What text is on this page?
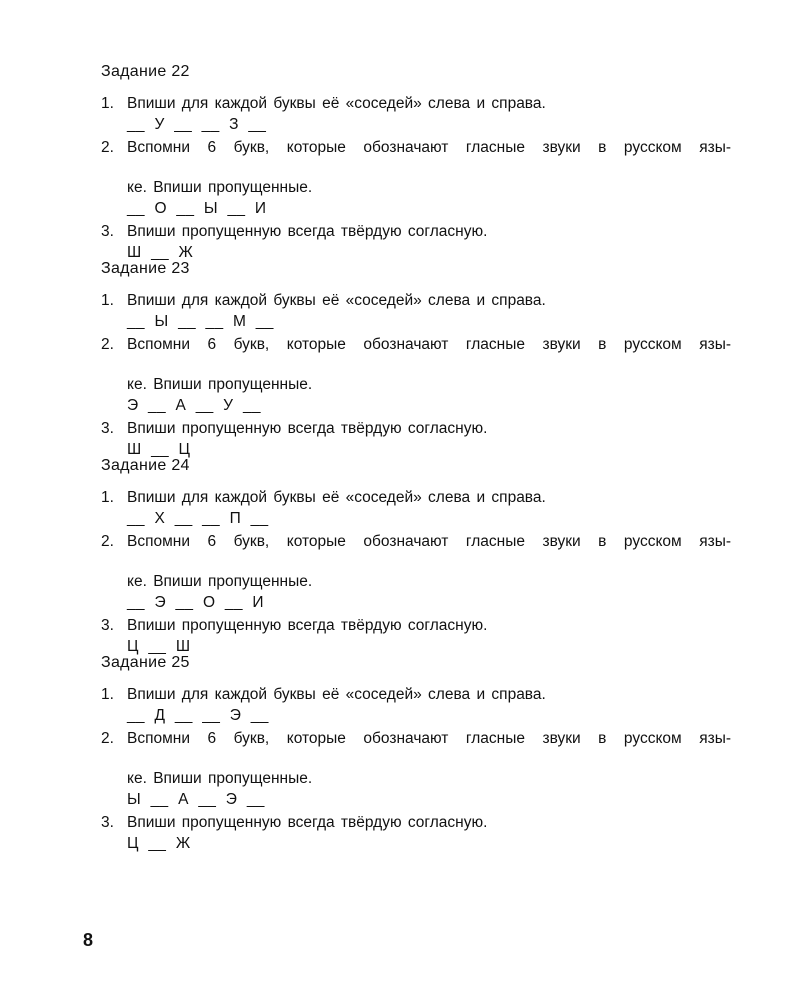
Задание 22
1. Впиши для каждой буквы её «соседей» слева и справа.
__ У __ __ З __
2. Вспомни 6 букв, которые обозначают гласные звуки в русском язы-
ке. Впиши пропущенные.
__ О __ Ы __ И
3. Впиши пропущенную всегда твёрдую согласную.
Ш __ Ж
Задание 23
1. Впиши для каждой буквы её «соседей» слева и справа.
__ Ы __ __ М __
2. Вспомни 6 букв, которые обозначают гласные звуки в русском язы-
ке. Впиши пропущенные.
Э __ А __ У __
3. Впиши пропущенную всегда твёрдую согласную.
Ш __ Ц
Задание 24
1. Впиши для каждой буквы её «соседей» слева и справа.
__ Х __ __ П __
2. Вспомни 6 букв, которые обозначают гласные звуки в русском язы-
ке. Впиши пропущенные.
__ Э __ О __ И
3. Впиши пропущенную всегда твёрдую согласную.
Ц __ Ш
Задание 25
1. Впиши для каждой буквы её «соседей» слева и справа.
__ Д __ __ Э __
2. Вспомни 6 букв, которые обозначают гласные звуки в русском язы-
ке. Впиши пропущенные.
Ы __ А __ Э __
3. Впиши пропущенную всегда твёрдую согласную.
Ц __ Ж
8
